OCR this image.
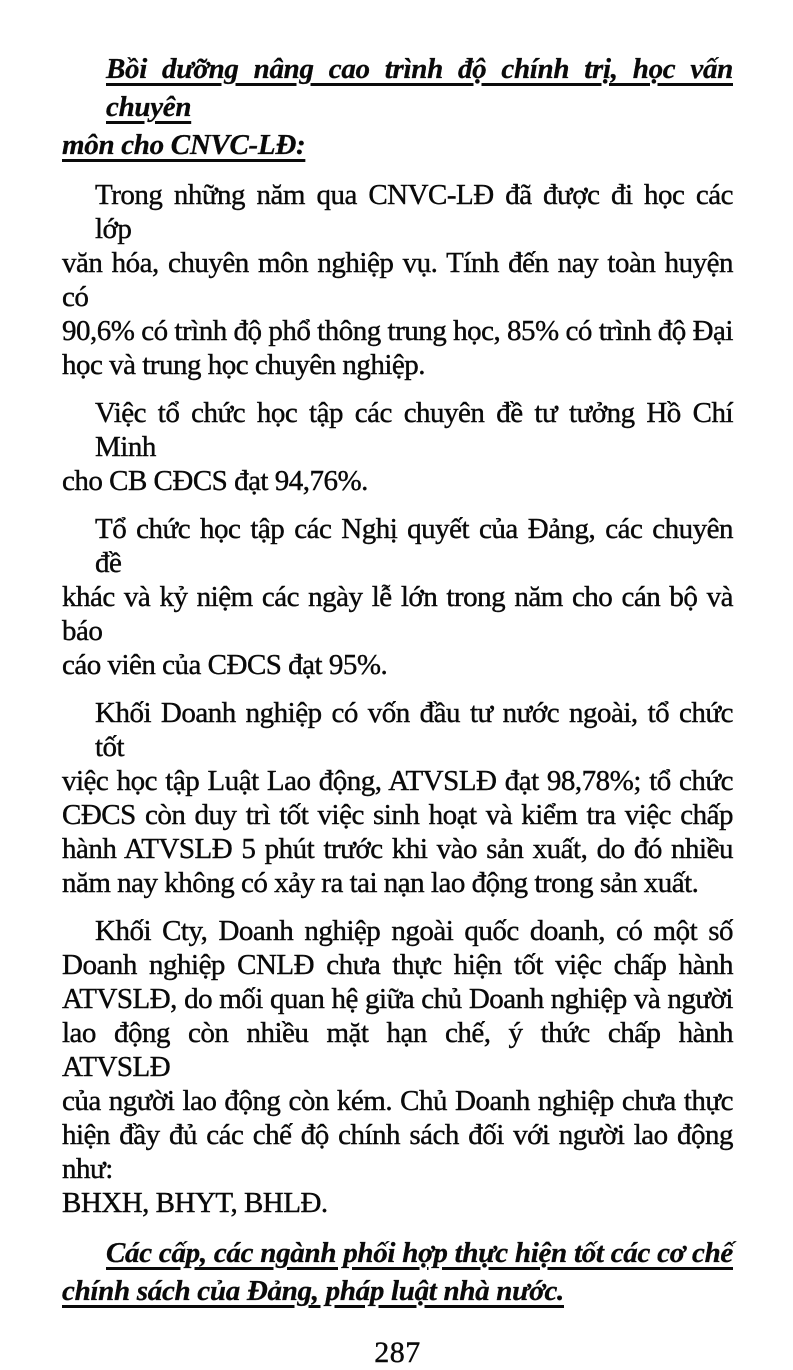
Bồi dưỡng nâng cao trình độ chính trị, học vấn chuyên
môn cho CNVC-LĐ:
Trong những năm qua CNVC-LĐ đã được đi học các lớp
văn hóa, chuyên môn nghiệp vụ. Tính đến nay toàn huyện có
90,6% có trình độ phổ thông trung học, 85% có trình độ Đại
học và trung học chuyên nghiệp.
Việc tổ chức học tập các chuyên đề tư tưởng Hồ Chí Minh
cho CB CĐCS đạt 94,76%.
Tổ chức học tập các Nghị quyết của Đảng, các chuyên đề
khác và kỷ niệm các ngày lễ lớn trong năm cho cán bộ và báo
cáo viên của CĐCS đạt 95%.
Khối Doanh nghiệp có vốn đầu tư nước ngoài, tổ chức tốt
việc học tập Luật Lao động, ATVSLĐ đạt 98,78%; tổ chức
CĐCS còn duy trì tốt việc sinh hoạt và kiểm tra việc chấp
hành ATVSLĐ 5 phút trước khi vào sản xuất, do đó nhiều
năm nay không có xảy ra tai nạn lao động trong sản xuất.
Khối Cty, Doanh nghiệp ngoài quốc doanh, có một số
Doanh nghiệp CNLĐ chưa thực hiện tốt việc chấp hành
ATVSLĐ, do mối quan hệ giữa chủ Doanh nghiệp và người
lao động còn nhiều mặt hạn chế, ý thức chấp hành ATVSLĐ
của người lao động còn kém. Chủ Doanh nghiệp chưa thực
hiện đầy đủ các chế độ chính sách đối với người lao động như:
BHXH, BHYT, BHLĐ.
Các cấp, các ngành phối hợp thực hiện tốt các cơ chế
chính sách của Đảng, pháp luật nhà nước.
287
